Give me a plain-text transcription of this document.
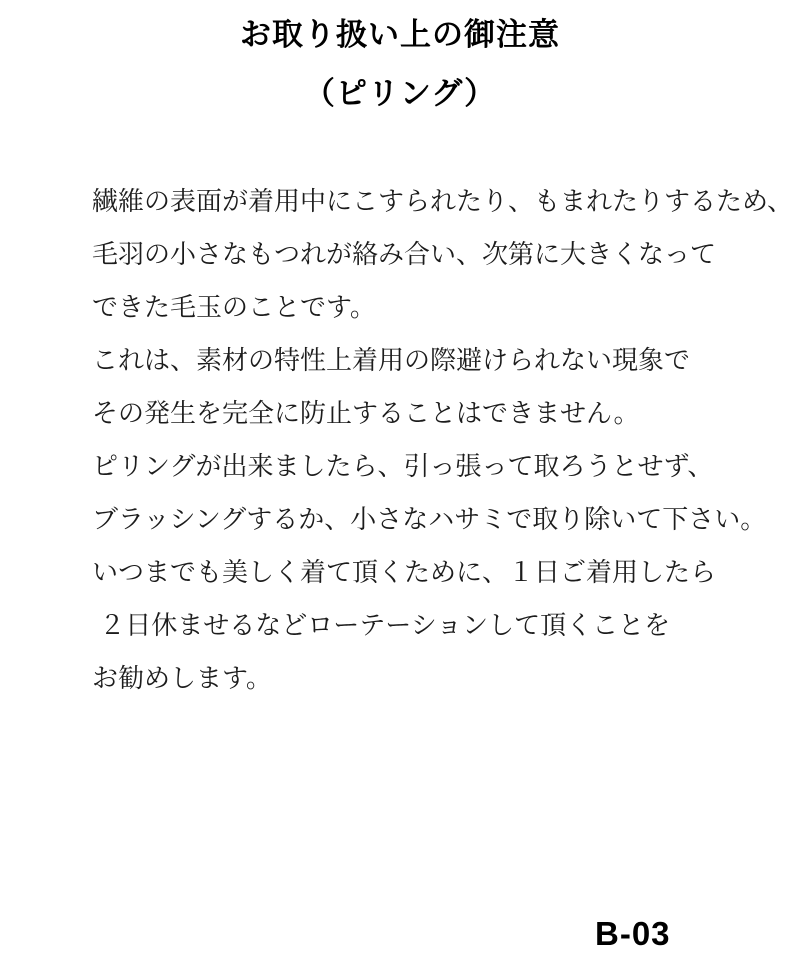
お取り扱い上の御注意
（ピリング）
繊維の表面が着用中にこすられたり、もまれたりするため、
毛羽の小さなもつれが絡み合い、次第に大きくなって
できた毛玉のことです。
これは、素材の特性上着用の際避けられない現象で
その発生を完全に防止することはできません。
ピリングが出来ましたら、引っ張って取ろうとせず、
ブラッシングするか、小さなハサミで取り除いて下さい。
いつまでも美しく着て頂くために、１日ご着用したら
２日休ませるなどローテーションして頂くことを
お勧めします。
B-03
